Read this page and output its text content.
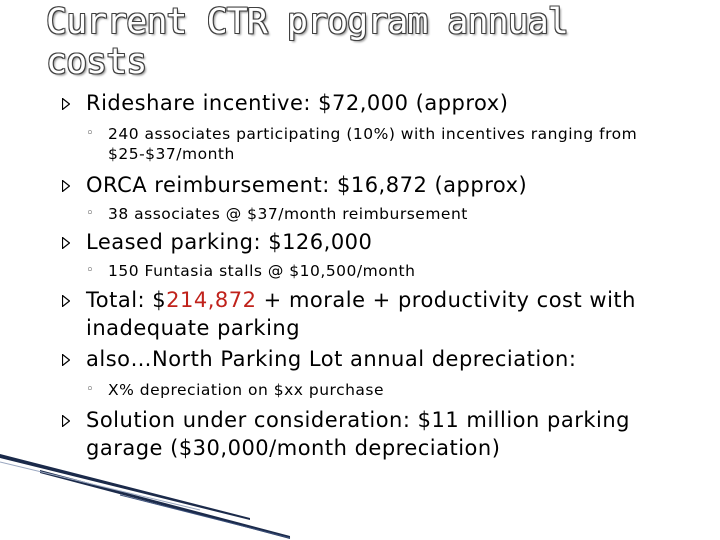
Current CTR program annual costs
Rideshare incentive: $72,000 (approx)
◦ 240 associates participating (10%) with incentives ranging from $25-$37/month
ORCA reimbursement: $16,872 (approx)
◦ 38 associates @ $37/month reimbursement
Leased parking: $126,000
◦ 150 Funtasia stalls @ $10,500/month
Total: $214,872 + morale + productivity cost with inadequate parking
also…North Parking Lot annual depreciation:
◦ X% depreciation on $xx purchase
Solution under consideration: $11 million parking garage ($30,000/month depreciation)
